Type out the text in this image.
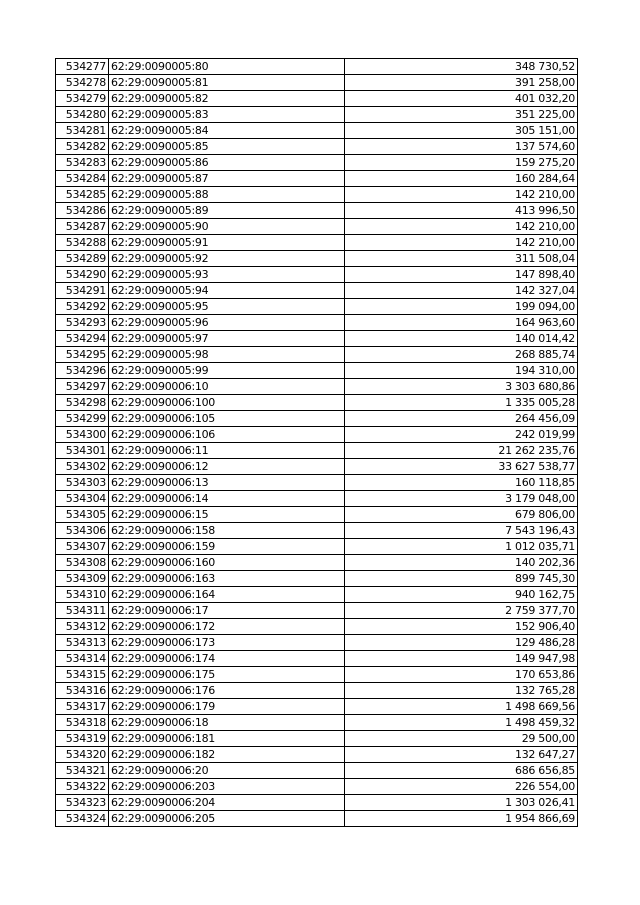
534277	62:29:0090005:80	348 730,52
534278	62:29:0090005:81	391 258,00
534279	62:29:0090005:82	401 032,20
534280	62:29:0090005:83	351 225,00
534281	62:29:0090005:84	305 151,00
534282	62:29:0090005:85	137 574,60
534283	62:29:0090005:86	159 275,20
534284	62:29:0090005:87	160 284,64
534285	62:29:0090005:88	142 210,00
534286	62:29:0090005:89	413 996,50
534287	62:29:0090005:90	142 210,00
534288	62:29:0090005:91	142 210,00
534289	62:29:0090005:92	311 508,04
534290	62:29:0090005:93	147 898,40
534291	62:29:0090005:94	142 327,04
534292	62:29:0090005:95	199 094,00
534293	62:29:0090005:96	164 963,60
534294	62:29:0090005:97	140 014,42
534295	62:29:0090005:98	268 885,74
534296	62:29:0090005:99	194 310,00
534297	62:29:0090006:10	3 303 680,86
534298	62:29:0090006:100	1 335 005,28
534299	62:29:0090006:105	264 456,09
534300	62:29:0090006:106	242 019,99
534301	62:29:0090006:11	21 262 235,76
534302	62:29:0090006:12	33 627 538,77
534303	62:29:0090006:13	160 118,85
534304	62:29:0090006:14	3 179 048,00
534305	62:29:0090006:15	679 806,00
534306	62:29:0090006:158	7 543 196,43
534307	62:29:0090006:159	1 012 035,71
534308	62:29:0090006:160	140 202,36
534309	62:29:0090006:163	899 745,30
534310	62:29:0090006:164	940 162,75
534311	62:29:0090006:17	2 759 377,70
534312	62:29:0090006:172	152 906,40
534313	62:29:0090006:173	129 486,28
534314	62:29:0090006:174	149 947,98
534315	62:29:0090006:175	170 653,86
534316	62:29:0090006:176	132 765,28
534317	62:29:0090006:179	1 498 669,56
534318	62:29:0090006:18	1 498 459,32
534319	62:29:0090006:181	29 500,00
534320	62:29:0090006:182	132 647,27
534321	62:29:0090006:20	686 656,85
534322	62:29:0090006:203	226 554,00
534323	62:29:0090006:204	1 303 026,41
534324	62:29:0090006:205	1 954 866,69
